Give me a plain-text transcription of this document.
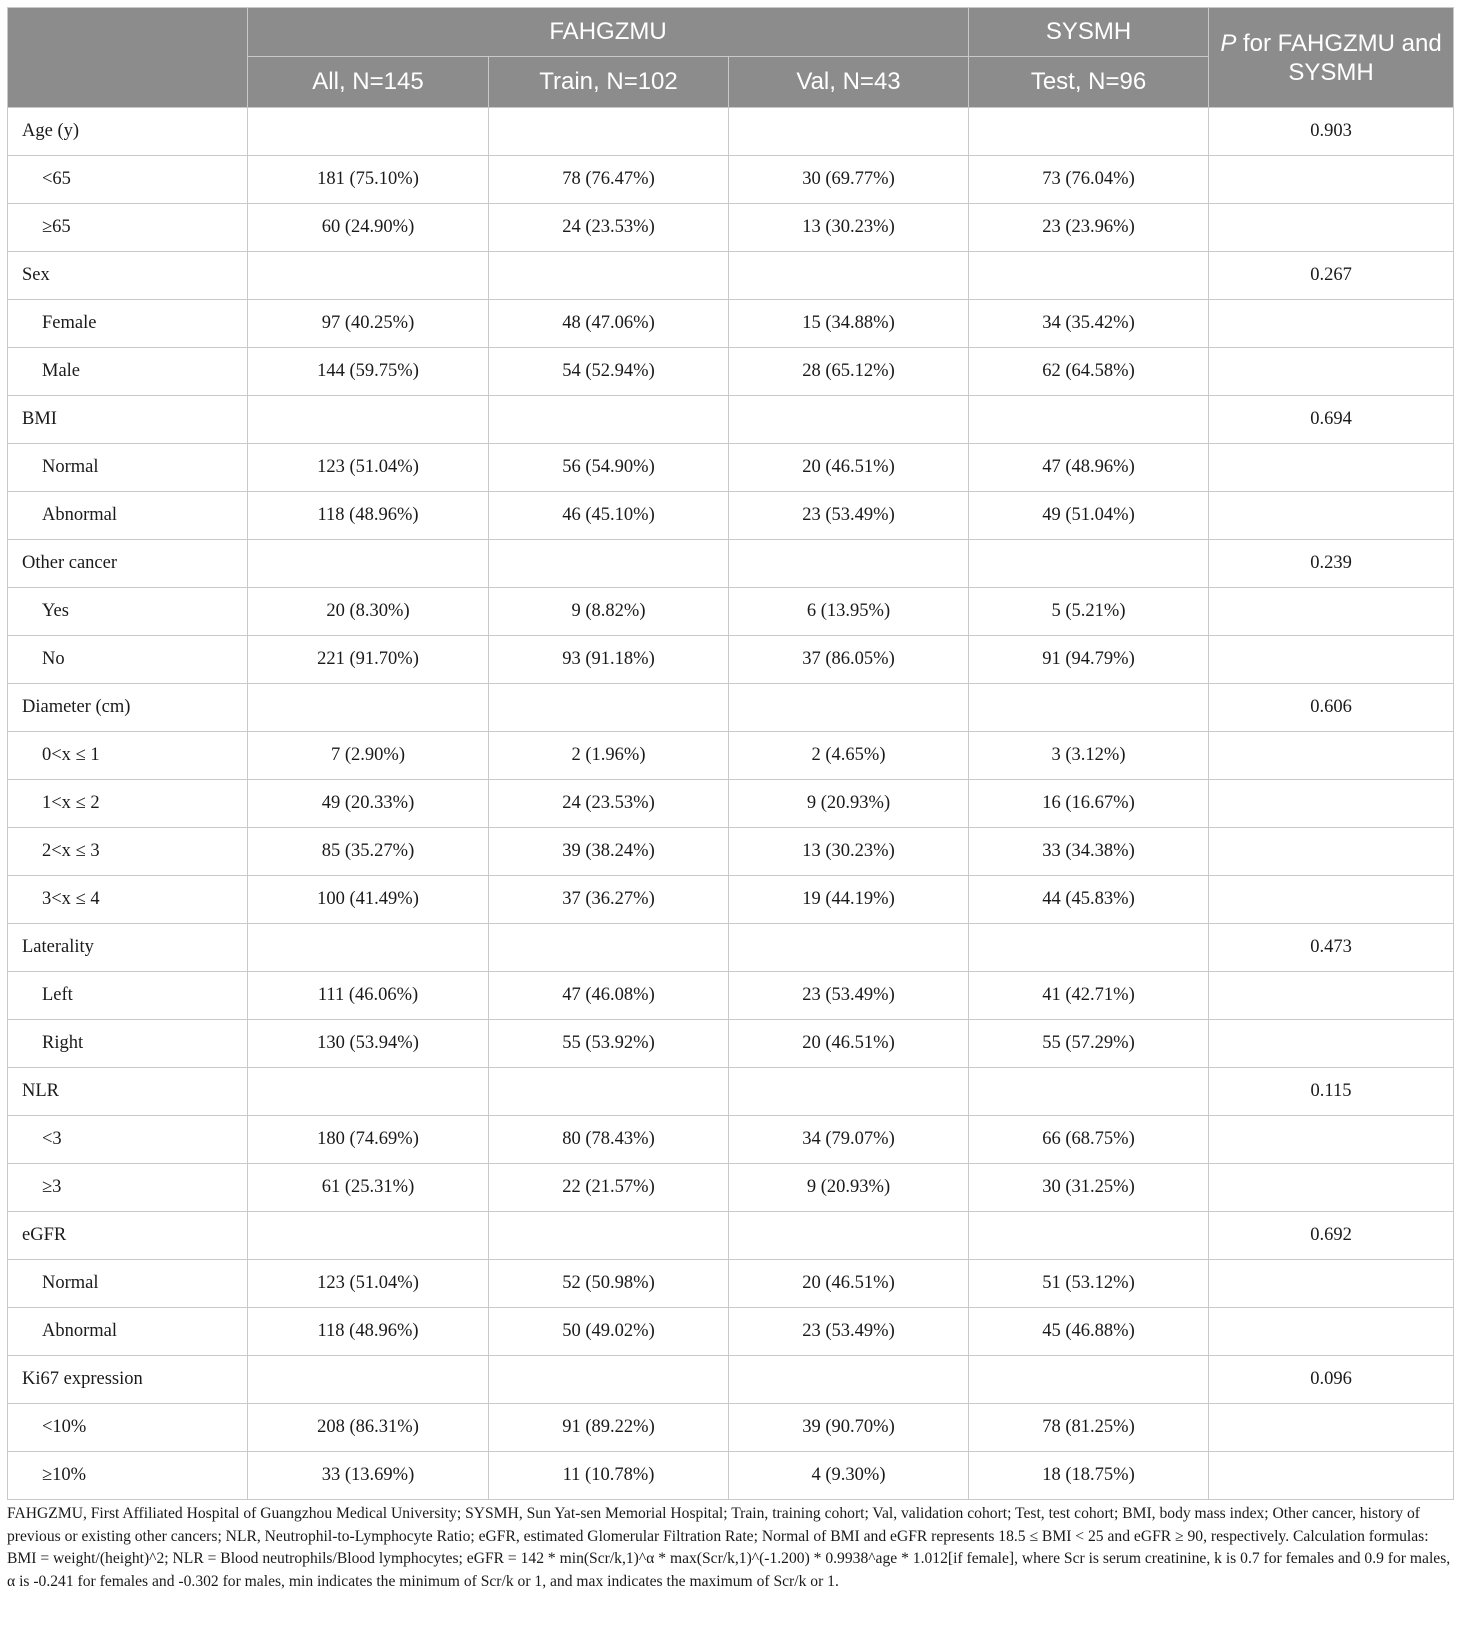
	FAHGZMU			SYSMH	P for FAHGZMU and SYSMH

	All, N=145	Train, N=102	Val, N=43	Test, N=96	
Age (y)					0.903
<65	181 (75.10%)	78 (76.47%)	30 (69.77%)	73 (76.04%)	
≥65	60 (24.90%)	24 (23.53%)	13 (30.23%)	23 (23.96%)	
Sex					0.267
Female	97 (40.25%)	48 (47.06%)	15 (34.88%)	34 (35.42%)	
Male	144 (59.75%)	54 (52.94%)	28 (65.12%)	62 (64.58%)	
BMI					0.694
Normal	123 (51.04%)	56 (54.90%)	20 (46.51%)	47 (48.96%)	
Abnormal	118 (48.96%)	46 (45.10%)	23 (53.49%)	49 (51.04%)	
Other cancer					0.239
Yes	20 (8.30%)	9 (8.82%)	6 (13.95%)	5 (5.21%)	
No	221 (91.70%)	93 (91.18%)	37 (86.05%)	91 (94.79%)	
Diameter (cm)					0.606
0<x ≤ 1	7 (2.90%)	2 (1.96%)	2 (4.65%)	3 (3.12%)	
1<x ≤ 2	49 (20.33%)	24 (23.53%)	9 (20.93%)	16 (16.67%)	
2<x ≤ 3	85 (35.27%)	39 (38.24%)	13 (30.23%)	33 (34.38%)	
3<x ≤ 4	100 (41.49%)	37 (36.27%)	19 (44.19%)	44 (45.83%)	
Laterality					0.473
Left	111 (46.06%)	47 (46.08%)	23 (53.49%)	41 (42.71%)	
Right	130 (53.94%)	55 (53.92%)	20 (46.51%)	55 (57.29%)	
NLR					0.115
<3	180 (74.69%)	80 (78.43%)	34 (79.07%)	66 (68.75%)	
≥3	61 (25.31%)	22 (21.57%)	9 (20.93%)	30 (31.25%)	
eGFR					0.692
Normal	123 (51.04%)	52 (50.98%)	20 (46.51%)	51 (53.12%)	
Abnormal	118 (48.96%)	50 (49.02%)	23 (53.49%)	45 (46.88%)	
Ki67 expression					0.096
<10%	208 (86.31%)	91 (89.22%)	39 (90.70%)	78 (81.25%)	
≥10%	33 (13.69%)	11 (10.78%)	4 (9.30%)	18 (18.75%)	
FAHGZMU, First Affiliated Hospital of Guangzhou Medical University; SYSMH, Sun Yat-sen Memorial Hospital; Train, training cohort; Val, validation cohort; Test, test cohort; BMI, body mass index; Other cancer, history of previous or existing other cancers; NLR, Neutrophil-to-Lymphocyte Ratio; eGFR, estimated Glomerular Filtration Rate; Normal of BMI and eGFR represents 18.5 ≤ BMI < 25 and eGFR ≥ 90, respectively. Calculation formulas: BMI = weight/(height)^2; NLR = Blood neutrophils/Blood lymphocytes; eGFR = 142 * min(Scr/k,1)^α * max(Scr/k,1)^(-1.200) * 0.9938^age * 1.012[if female], where Scr is serum creatinine, k is 0.7 for females and 0.9 for males, α is -0.241 for females and -0.302 for males, min indicates the minimum of Scr/k or 1, and max indicates the maximum of Scr/k or 1.
